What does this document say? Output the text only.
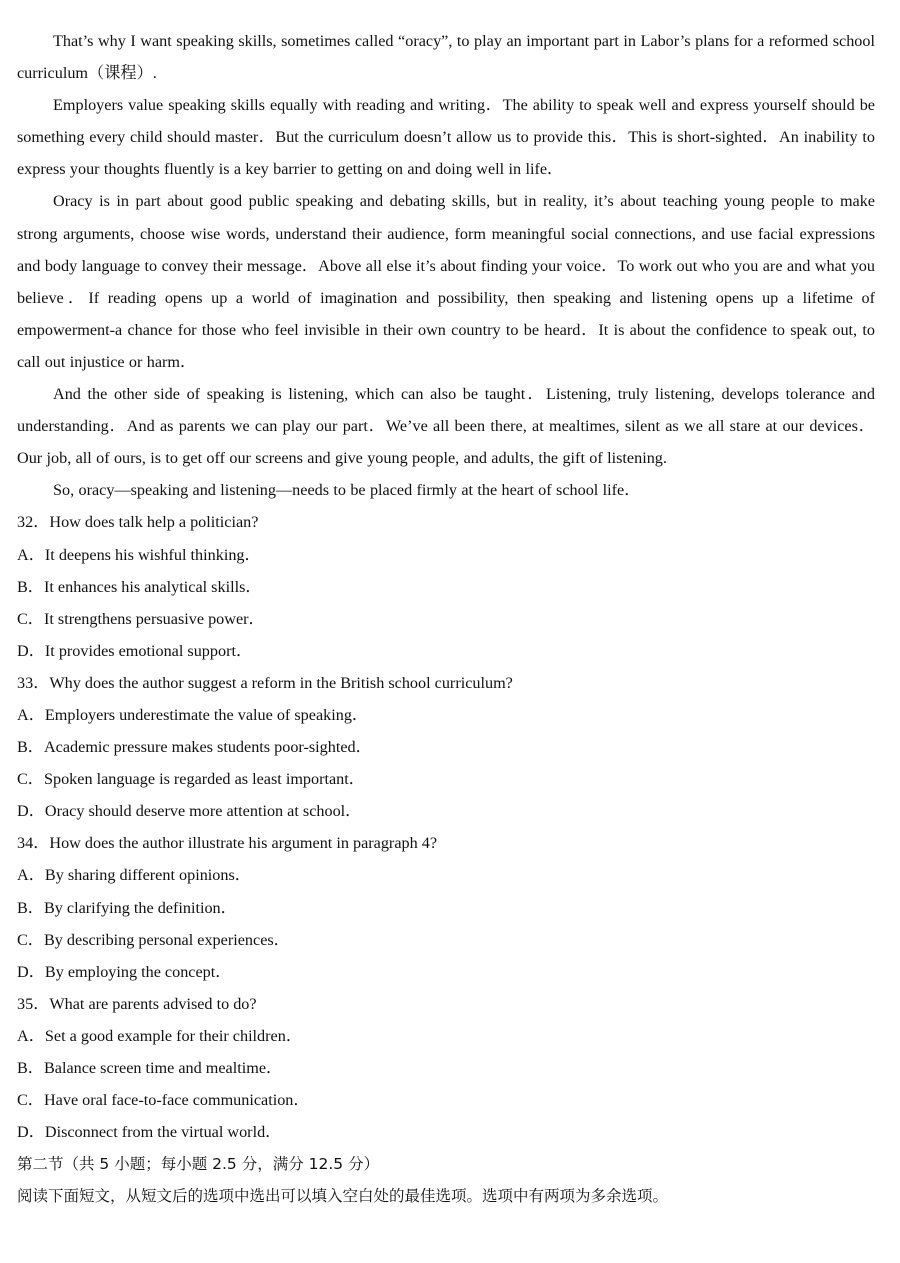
That’s why I want speaking skills, sometimes called “oracy”, to play an important part in Labor’s plans for a reformed school curriculum（课程）.

Employers value speaking skills equally with reading and writing．The ability to speak well and express yourself should be something every child should master．But the curriculum doesn’t allow us to provide this．This is short-sighted．An inability to express your thoughts fluently is a key barrier to getting on and doing well in life．

Oracy is in part about good public speaking and debating skills, but in reality, it’s about teaching young people to make strong arguments, choose wise words, understand their audience, form meaningful social connections, and use facial expressions and body language to convey their message．Above all else it’s about finding your voice．To work out who you are and what you believe．If reading opens up a world of imagination and possibility, then speaking and listening opens up a lifetime of empowerment-a chance for those who feel invisible in their own country to be heard．It is about the confidence to speak out, to call out injustice or harm．

And the other side of speaking is listening, which can also be taught．Listening, truly listening, develops tolerance and understanding．And as parents we can play our part．We’ve all been there, at mealtimes, silent as we all stare at our devices．Our job, all of ours, is to get off our screens and give young people, and adults, the gift of listening.

So, oracy—speaking and listening—needs to be placed firmly at the heart of school life．

32．How does talk help a politician?

A．It deepens his wishful thinking．

B．It enhances his analytical skills．

C．It strengthens persuasive power．

D．It provides emotional support．

33．Why does the author suggest a reform in the British school curriculum?

A．Employers underestimate the value of speaking．

B．Academic pressure makes students poor-sighted．

C．Spoken language is regarded as least important．

D．Oracy should deserve more attention at school．

34．How does the author illustrate his argument in paragraph 4?

A．By sharing different opinions．

B．By clarifying the definition．

C．By describing personal experiences．

D．By employing the concept．

35．What are parents advised to do?

A．Set a good example for their children．

B．Balance screen time and mealtime．

C．Have oral face-to-face communication．

D．Disconnect from the virtual world．

第二节（共 5 小题；每小题 2.5 分，满分 12.5 分）

阅读下面短文，从短文后的选项中选出可以填入空白处的最佳选项。选项中有两项为多余选项。
